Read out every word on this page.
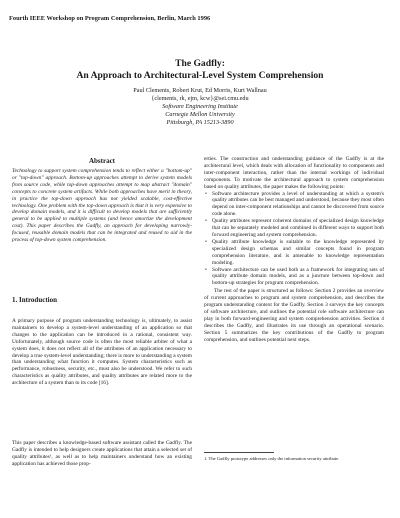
Fourth IEEE Workshop on Program Comprehension, Berlin, March 1996
The Gadfly:
An Approach to Architectural-Level System Comprehension
Paul Clements, Robert Krut, Ed Morris, Kurt Wallnau
{clements, rk, ejm, kcw}@sei.cmu.edu
Software Engineering Institute
Carnegie Mellon University
Pittsburgh, PA 15213-3890
Abstract
Technology to support system comprehension tends to reflect either a "bottom-up" or "top-down" approach. Bottom-up approaches attempt to derive system models from source code, while top-down approaches attempt to map abstract "domain" concepts to concrete system artifacts. While both approaches have merit in theory, in practice the top-down approach has not yielded scalable, cost-effective technology. One problem with the top-down approach is that it is very expensive to develop domain models, and it is difficult to develop models that are sufficiently general to be applied to multiple systems (and hence amortize the development cost). This paper describes the Gadfly, an approach for developing narrowly-focused, reusable domain models that can be integrated and reused to aid in the process of top-down system comprehension.
1. Introduction
A primary purpose of program understanding technology is, ultimately, to assist maintainers to develop a system-level understanding of an application so that changes to the application can be introduced in a rational, consistent way. Unfortunately, although source code is often the most reliable arbiter of what a system does, it does not reflect all of the attributes of an application necessary to develop a true system-level understanding; there is more to understanding a system than understanding what function it computes. System characteristics such as performance, robustness, security, etc., must also be understood. We refer to such characteristics as quality attributes, and quality attributes are related more to the architecture of a system than to its code [16].
This paper describes a knowledge-based software assistant called the Gadfly. The Gadfly is intended to help designers create applications that attain a selected set of quality attributes¹, as well as to help maintainers understand how an existing application has achieved those prop-

erties. The construction and understanding guidance of the Gadfly is at the architectural level, which deals with allocation of functionality to components and inter-component interaction, rather than the internal workings of individual components. To motivate the architectural approach to system comprehension based on quality attributes, the paper makes the following points:

• Software architecture provides a level of understanding at which a system's quality attributes can be best managed and understood, because they most often depend on inter-component relationships and cannot be discovered from source code alone.
• Quality attributes represent coherent domains of specialized design knowledge that can be separately modeled and combined in different ways to support both forward engineering and system comprehension.
• Quality attribute knowledge is suitable to the knowledge represented by specialized design schemas and similar concepts found in program comprehension literature, and is amenable to knowledge representation modeling.
• Software architecture can be used both as a framework for integrating sets of quality attribute domain models, and as a juncture between top-down and bottom-up strategies for program comprehension.

The rest of the paper is structured as follows: Section 2 provides an overview of current approaches to program and system comprehension, and describes the program understanding context for the Gadfly. Section 3 surveys the key concepts of software architecture, and outlines the potential role software architecture can play in both forward-engineering and system comprehension activities. Section 4 describes the Gadfly, and illustrates its use through an operational scenario. Section 5 summarizes the key contributions of the Gadfly to program comprehension, and outlines potential next steps.

1. The Gadfly prototype addresses only the information security attribute.
